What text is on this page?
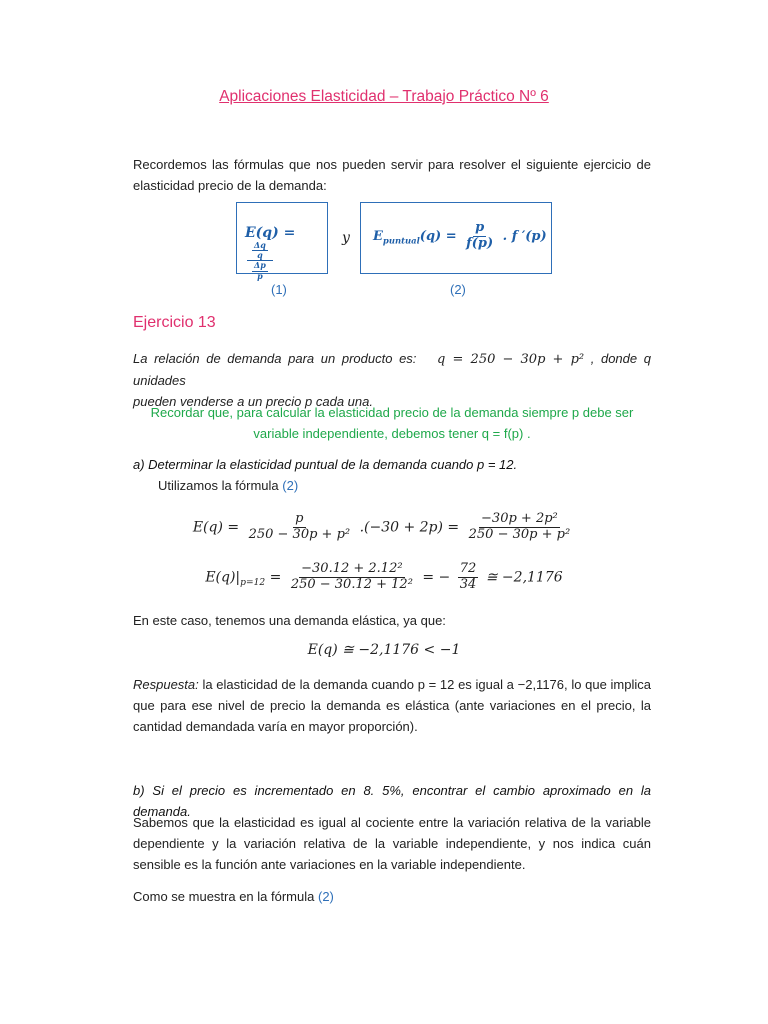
Aplicaciones Elasticidad – Trabajo Práctico Nº 6
Recordemos las fórmulas que nos pueden servir para resolver el siguiente ejercicio de elasticidad precio de la demanda:
E(q) =
$\frac{\frac{\Delta q}{q}}{\frac{\Delta p}{p}}$
y $E_{puntual}(q) = \frac{p}{f(p)}$ . f ′(p)
(1)	(2)
Ejercicio 13
La relación de demanda para un producto es: q = 250 − 30p + p² , donde q unidades
pueden venderse a un precio p cada una.
Recordar que, para calcular la elasticidad precio de la demanda siempre p debe ser
variable independiente, debemos tener q = f(p) .
a) Determinar la elasticidad puntual de la demanda cuando p = 12.
Utilizamos la fórmula (2)
$E(q) = \frac{p}{\text{250 − 30p + p²}} .(-30 + 2p) = \frac{\text{−30p + 2p²}}{\text{250 − 30p + p²}}$
$E(q)|_{p=12} = \frac{\text{−30.12 + 2.12²}}{\text{250 − 30.12 + 12²}}$ = − $\frac{72}{34}$ ≅ −2,1176
En este caso, tenemos una demanda elástica, ya que:
E(q) ≅ −2,1176 < −1
Respuesta: la elasticidad de la demanda cuando p = 12 es igual a −2,1176, lo que implica que para ese nivel de precio la demanda es elástica (ante variaciones en el precio, la cantidad demandada varía en mayor proporción).
b) Si el precio es incrementado en 8. 5%, encontrar el cambio aproximado en la demanda.
Sabemos que la elasticidad es igual al cociente entre la variación relativa de la variable dependiente y la variación relativa de la variable independiente, y nos indica cuán sensible es la función ante variaciones en la variable independiente.
Como se muestra en la fórmula (2)
